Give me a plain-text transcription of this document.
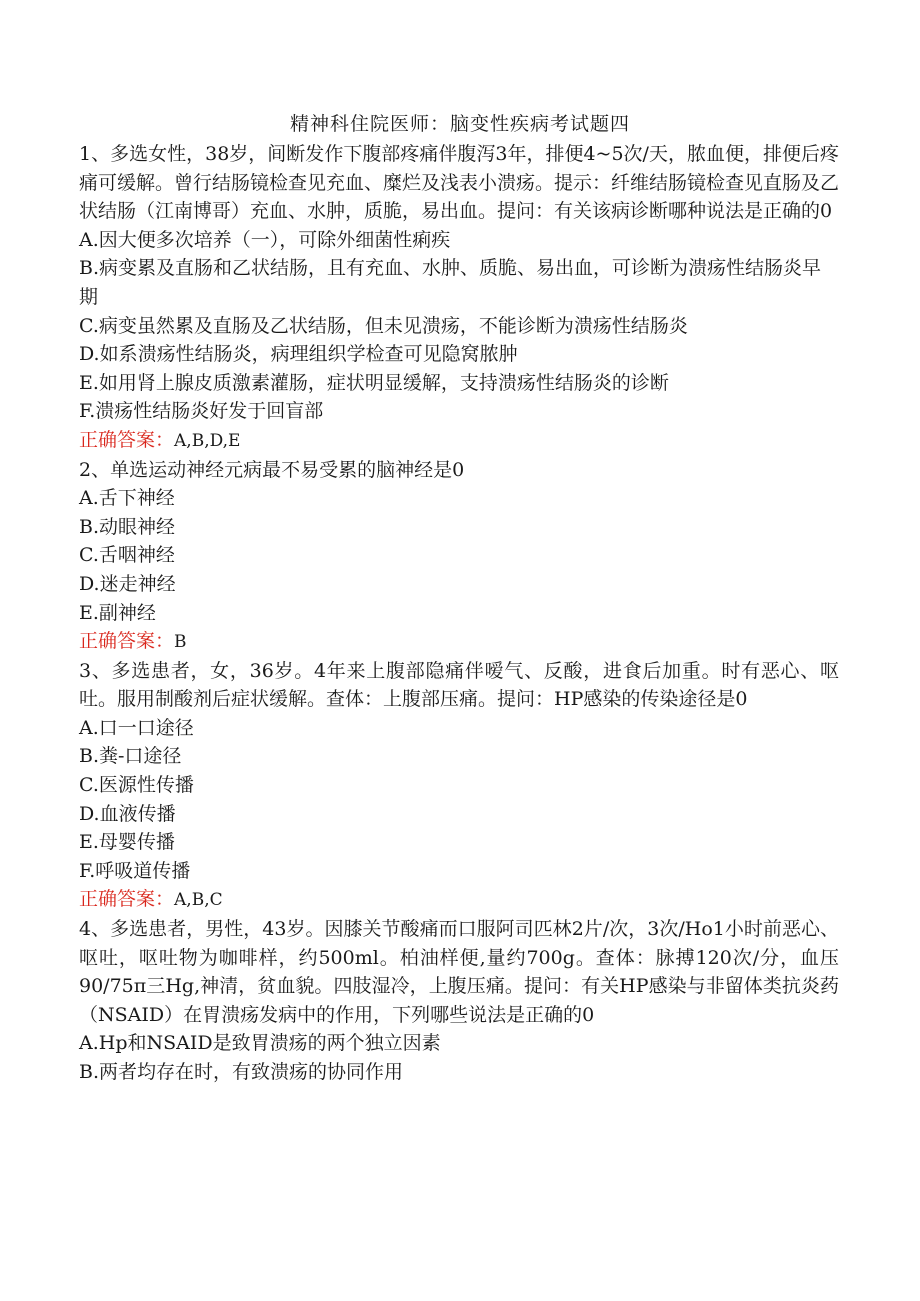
精神科住院医师：脑变性疾病考试题四
1、多选女性，38岁，间断发作下腹部疼痛伴腹泻3年，排便4~5次/天，脓血便，排便后疼痛可缓解。曾行结肠镜检查见充血、糜烂及浅表小溃疡。提示：纤维结肠镜检查见直肠及乙状结肠（江南博哥）充血、水肿，质脆，易出血。提问：有关该病诊断哪种说法是正确的0
A.因大便多次培养（一），可除外细菌性痢疾
B.病变累及直肠和乙状结肠，且有充血、水肿、质脆、易出血，可诊断为溃疡性结肠炎早期
C.病变虽然累及直肠及乙状结肠，但未见溃疡，不能诊断为溃疡性结肠炎
D.如系溃疡性结肠炎，病理组织学检查可见隐窝脓肿
E.如用肾上腺皮质激素灌肠，症状明显缓解，支持溃疡性结肠炎的诊断
F.溃疡性结肠炎好发于回盲部
正确答案：A,B,D,E
2、单选运动神经元病最不易受累的脑神经是0
A.舌下神经
B.动眼神经
C.舌咽神经
D.迷走神经
E.副神经
正确答案：B
3、多选患者，女，36岁。4年来上腹部隐痛伴嗳气、反酸，进食后加重。时有恶心、呕吐。服用制酸剂后症状缓解。查体：上腹部压痛。提问：HP感染的传染途径是0
A.口一口途径
B.粪-口途径
C.医源性传播
D.血液传播
E.母婴传播
F.呼吸道传播
正确答案：A,B,C
4、多选患者，男性，43岁。因膝关节酸痛而口服阿司匹林2片/次，3次/Ho1小时前恶心、呕吐，呕吐物为咖啡样，约500ml。柏油样便,量约700g。查体：脉搏120次/分，血压90/75π三Hg,神清，贫血貌。四肢湿冷，上腹压痛。提问：有关HP感染与非留体类抗炎药（NSAID）在胃溃疡发病中的作用，下列哪些说法是正确的0
A.Hp和NSAID是致胃溃疡的两个独立因素
B.两者均存在时，有致溃疡的协同作用
